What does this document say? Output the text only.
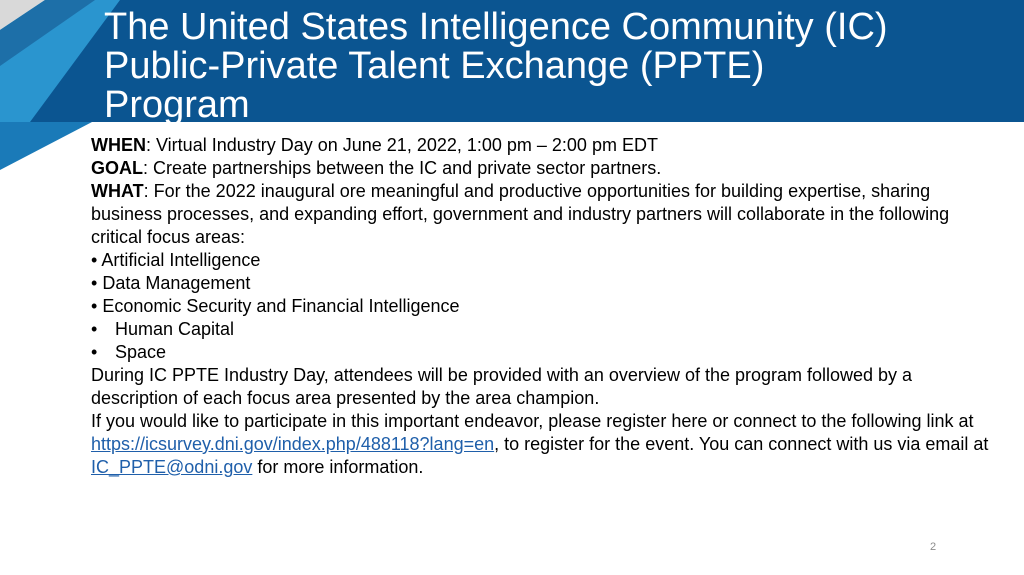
The United States Intelligence Community (IC)
Public-Private Talent Exchange (PPTE)
Program

WHEN: Virtual Industry Day on June 21, 2022, 1:00 pm – 2:00 pm EDT

GOAL: Create partnerships between the IC and private sector partners.

WHAT: For the 2022 inaugural ore meaningful and productive opportunities for building expertise, sharing business processes, and expanding effort, government and industry partners will collaborate in the following critical focus areas:

• Artificial Intelligence
• Data Management
• Economic Security and Financial Intelligence
• Human Capital
• Space

During IC PPTE Industry Day, attendees will be provided with an overview of the program followed by a description of each focus area presented by the area champion.

If you would like to participate in this important endeavor, please register here or connect to the following link at https://icsurvey.dni.gov/index.php/488118?lang=en, to register for the event. You can connect with us via email at IC_PPTE@odni.gov for more information.

2
